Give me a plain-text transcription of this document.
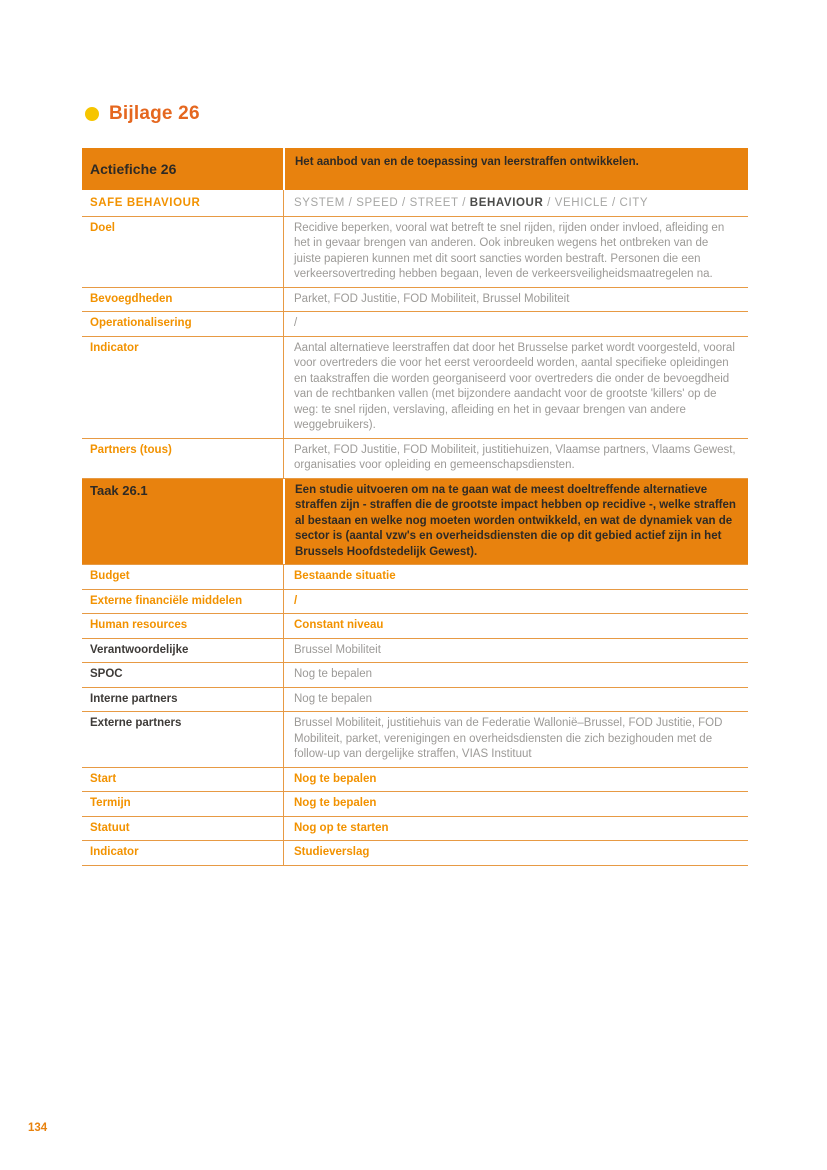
Bijlage 26
Actiefiche 26	Het aanbod van en de toepassing van leerstraffen ontwikkelen.
SAFE BEHAVIOUR	SYSTEM / SPEED / STREET / BEHAVIOUR / VEHICLE / CITY
Doel	Recidive beperken, vooral wat betreft te snel rijden, rijden onder invloed, afleiding en het in gevaar brengen van anderen. Ook inbreuken wegens het ontbreken van de juiste papieren kunnen met dit soort sancties worden bestraft. Personen die een verkeersovertreding hebben begaan, leven de verkeersveiligheidsmaatregelen na.
Bevoegdheden	Parket, FOD Justitie, FOD Mobiliteit, Brussel Mobiliteit
Operationalisering	/
Indicator	Aantal alternatieve leerstraffen dat door het Brusselse parket wordt voorgesteld, vooral voor overtreders die voor het eerst veroordeeld worden, aantal specifieke opleidingen en taakstraffen die worden georganiseerd voor overtreders die onder de bevoegdheid van de rechtbanken vallen (met bijzondere aandacht voor de grootste 'killers' op de weg: te snel rijden, verslaving, afleiding en het in gevaar brengen van andere weggebruikers).
Partners (tous)	Parket, FOD Justitie, FOD Mobiliteit, justitiehuizen, Vlaamse partners, Vlaams Gewest, organisaties voor opleiding en gemeenschapsdiensten.
Taak 26.1	Een studie uitvoeren om na te gaan wat de meest doeltreffende alternatieve straffen zijn - straffen die de grootste impact hebben op recidive -, welke straffen al bestaan en welke nog moeten worden ontwikkeld, en wat de dynamiek van de sector is (aantal vzw's en overheidsdiensten die op dit gebied actief zijn in het Brussels Hoofdstedelijk Gewest).
Budget	Bestaande situatie
Externe financiële middelen	/
Human resources	Constant niveau
Verantwoordelijke	Brussel Mobiliteit
SPOC	Nog te bepalen
Interne partners	Nog te bepalen
Externe partners	Brussel Mobiliteit, justitiehuis van de Federatie Wallonië–Brussel, FOD Justitie, FOD Mobiliteit, parket, verenigingen en overheidsdiensten die zich bezighouden met de follow-up van dergelijke straffen, VIAS Instituut
Start	Nog te bepalen
Termijn	Nog te bepalen
Statuut	Nog op te starten
Indicator	Studieverslag
134
